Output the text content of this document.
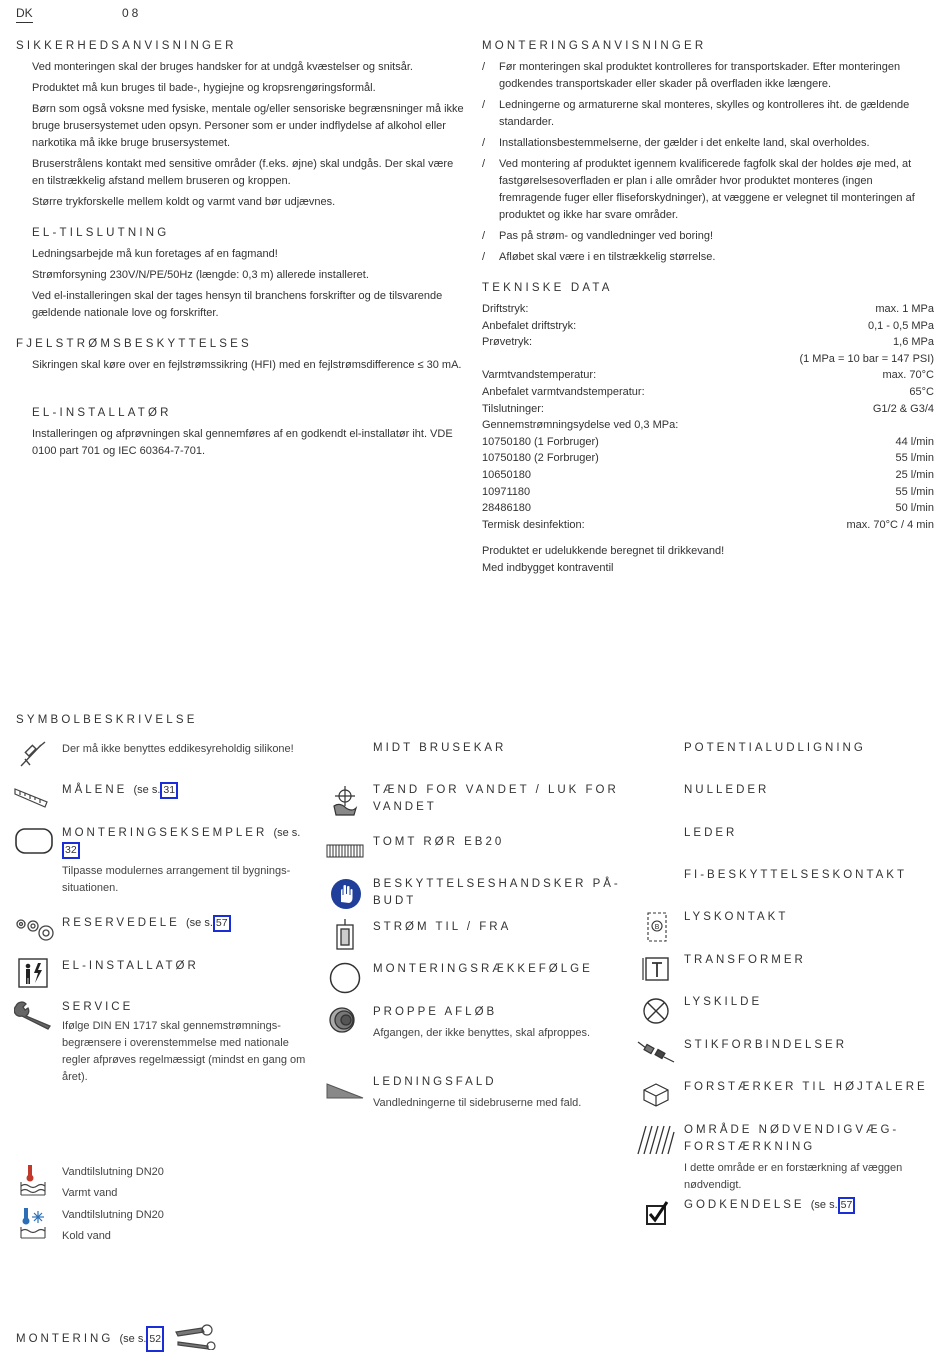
DK	08
SIKKERHEDSANVISNINGER
Ved monteringen skal der bruges handsker for at undgå kvæstelser og snitsår.
Produktet må kun bruges til bade-, hygiejne og kropsrengøringsformål.
Børn som også voksne med fysiske, mentale og/eller sensoriske begrænsninger må ikke bruge brusersystemet uden opsyn. Personer som er under indflydelse af alkohol eller narkotika må ikke bruge brusersystemet.
Bruserstrålens kontakt med sensitive områder (f.eks. øjne) skal undgås. Der skal være en tilstrækkelig afstand mellem bruseren og kroppen.
Større trykforskelle mellem koldt og varmt vand bør udjævnes.
EL-TILSLUTNING
Ledningsarbejde må kun foretages af en fagmand!
Strømforsyning 230V/N/PE/50Hz (længde: 0,3 m) allerede installeret.
Ved el-installeringen skal der tages hensyn til branchens forskrifter og de tilsvarende gældende nationale love og forskrifter.
FJELSTRØMSBESKYTTELSES
Sikringen skal køre over en fejlstrømssikring (HFI) med en fejlstrømsdifference ≤ 30 mA.
EL-INSTALLATØR
Installeringen og afprøvningen skal gennemføres af en godkendt el-installatør iht. VDE 0100 part 701 og IEC 60364-7-701.
MONTERINGSANVISNINGER
/ Før monteringen skal produktet kontrolleres for transportskader. Efter monteringen godkendes transportskader eller skader på overfladen ikke længere.
/ Ledningerne og armaturerne skal monteres, skylles og kontrolleres iht. de gældende standarder.
/ Installationsbestemmelserne, der gælder i det enkelte land, skal overholdes.
/ Ved montering af produktet igennem kvalificerede fagfolk skal der holdes øje med, at fastgørelsesoverfladen er plan i alle områder hvor produktet monteres (ingen fremragende fuger eller fliseforskydninger), at væggene er velegnet til monteringen af produktet og ikke har svare områder.
/ Pas på strøm- og vandledninger ved boring!
/ Afløbet skal være i en tilstrækkelig størrelse.
TEKNISKE DATA
Driftstryk:	max. 1 MPa
Anbefalet driftstryk:	0,1 - 0,5 MPa
Prøvetryk:	1,6 MPa
(1 MPa = 10 bar = 147 PSI)
Varmtvandstemperatur:	max. 70°C
Anbefalet varmtvandstemperatur:	65°C
Tilslutninger:	G1/2 & G3/4
Gennemstrømningsydelse ved 0,3 MPa:
10750180 (1 Forbruger)	44 l/min
10750180 (2 Forbruger)	55 l/min
10650180	25 l/min
10971180	55 l/min
28486180	50 l/min
Termisk desinfektion:	max. 70°C / 4 min
Produktet er udelukkende beregnet til drikkevand!
Med indbygget kontraventil
SYMBOLBESKRIVELSE
Der må ikke benyttes eddikesyreholdig silikone!
MÅLENE (se s. 31
MONTERINGSEKSEMPLER (se s.
32
Tilpasse modulernes arrangement til bygnings-situationen.
RESERVEDELE (se s. 57
EL-INSTALLATØR
SERVICE
Ifølge DIN EN 1717 skal gennemstrømnings-begrænsere i overenstemmelse med nationale regler afprøves regelmæssigt (mindst en gang om året).
Vandtilslutning DN20
Varmt vand
Vandtilslutning DN20
Kold vand
MIDT BRUSEKAR
TÆND FOR VANDET / LUK FOR VANDET
TOMT RØR EB20
BESKYTTELSESHANDSKER PÅ-BUDT
STRØM TIL / FRA
MONTERINGSRÆKKEFØLGE
PROPPE AFLØB
Afgangen, der ikke benyttes, skal afproppes.
LEDNINGSFALD
Vandledningerne til sidebruserne med fald.
POTENTIALUDLIGNING
NULLEDER
LEDER
FI-BESKYTTELSESKONTAKT
B
LYSKONTAKT
TRANSFORMER
LYSKILDE
STIKFORBINDELSER
FORSTÆRKER TIL HØJTALERE
OMRÅDE NØDVENDIGVÆG-FORSTÆRKNING
I dette område er en forstærkning af væggen nødvendigt.
GODKENDELSE (se s. 57
MONTERING (se s. 52
